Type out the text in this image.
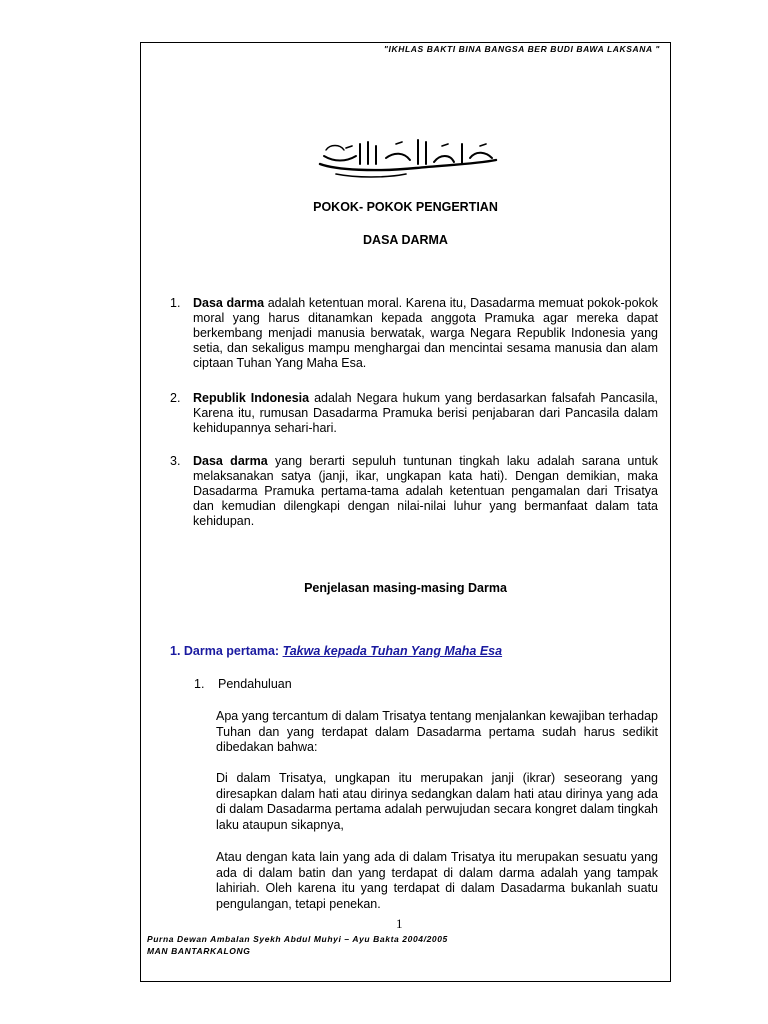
"IKHLAS BAKTI BINA BANGSA BER BUDI BAWA LAKSANA "
POKOK- POKOK PENGERTIAN
DASA DARMA
1. Dasa darma adalah ketentuan moral. Karena itu, Dasadarma memuat pokok-pokok moral yang harus ditanamkan kepada anggota Pramuka agar mereka dapat berkembang menjadi manusia berwatak, warga Negara Republik Indonesia yang setia, dan sekaligus mampu menghargai dan mencintai sesama manusia dan alam ciptaan Tuhan Yang Maha Esa.
2. Republik Indonesia adalah Negara hukum yang berdasarkan falsafah Pancasila, Karena itu, rumusan Dasadarma Pramuka berisi penjabaran dari Pancasila dalam kehidupannya sehari-hari.
3. Dasa darma yang berarti sepuluh tuntunan tingkah laku adalah sarana untuk melaksanakan satya (janji, ikar, ungkapan kata hati). Dengan demikian, maka Dasadarma Pramuka pertama-tama adalah ketentuan pengamalan dari Trisatya dan kemudian dilengkapi dengan nilai-nilai luhur yang bermanfaat dalam tata kehidupan.
Penjelasan masing-masing Darma
1. Darma pertama: Takwa kepada Tuhan Yang Maha Esa
1. Pendahuluan
Apa yang tercantum di dalam Trisatya tentang menjalankan kewajiban terhadap Tuhan dan yang terdapat dalam Dasadarma pertama sudah harus sedikit dibedakan bahwa:
Di dalam Trisatya, ungkapan itu merupakan janji (ikrar) seseorang yang diresapkan dalam hati atau dirinya sedangkan dalam hati atau dirinya yang ada di dalam Dasadarma pertama adalah perwujudan secara kongret dalam tingkah laku ataupun sikapnya,
Atau dengan kata lain yang ada di dalam Trisatya itu merupakan sesuatu yang ada di dalam batin dan yang terdapat di dalam darma adalah yang tampak lahiriah. Oleh karena itu yang terdapat di dalam Dasadarma bukanlah suatu pengulangan, tetapi penekan.
1
Purna Dewan Ambalan Syekh Abdul Muhyi – Ayu Bakta 2004/2005
MAN BANTARKALONG
